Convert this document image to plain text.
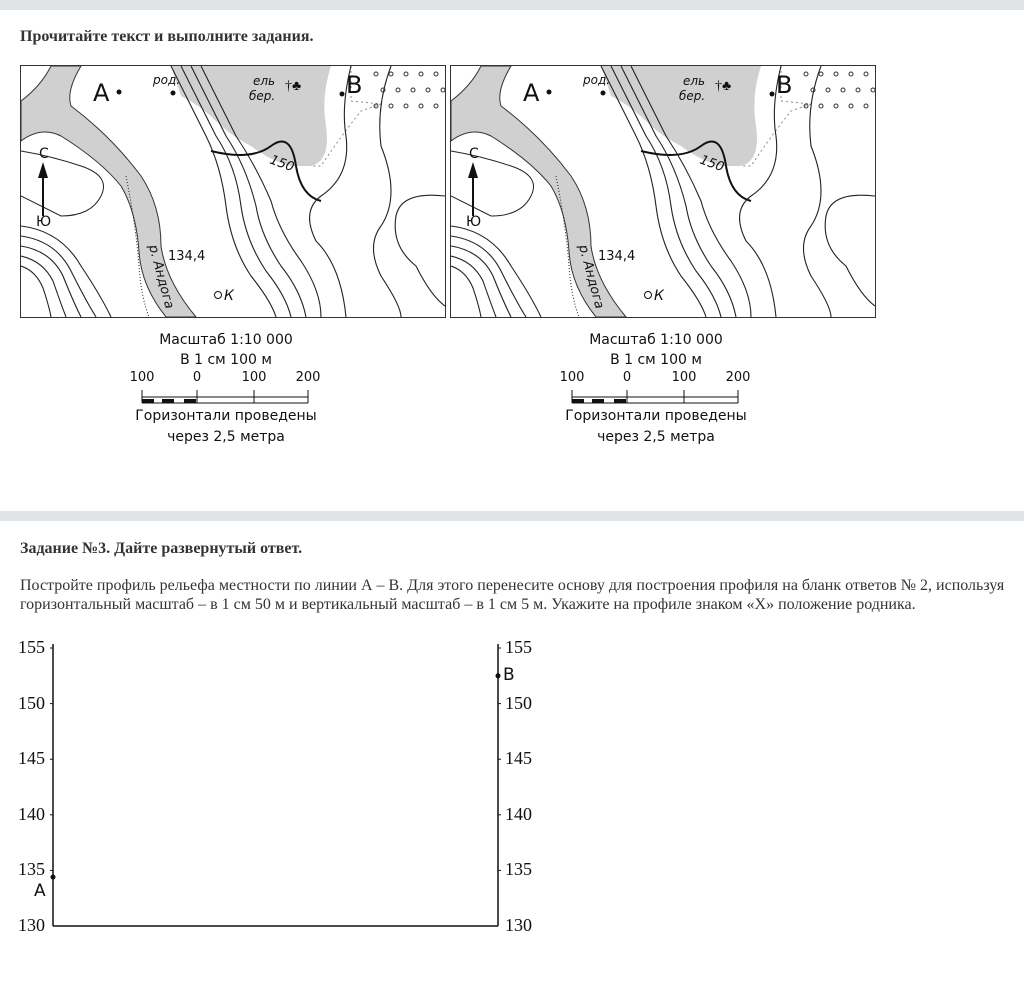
Прочитайте текст и выполните задания.
A	B
род.	ель
бер.
150
С
Ю
р. Андога
134,4
К
†♣	A	B
род.	ель
бер.
150
С
Ю
р. Андога
134,4
К
†♣
Масштаб 1:10 000
В 1 см 100 м
100	0	100 200
Горизонтали проведены
через 2,5 метра
Масштаб 1:10 000
В 1 см 100 м
100	0	100 200
Горизонтали проведены
через 2,5 метра
Задание №3. Дайте развернутый ответ.
Постройте профиль рельефа местности по линии А – В. Для этого перенесите основу для построения профиля на бланк ответов № 2, используя горизонтальный масштаб – в 1 см 50 м и вертикальный масштаб – в 1 см 5 м. Укажите на профиле знаком «Х» положение родника.
155
150
145
140
135
130
155
150
145
140
135
130
A
B
